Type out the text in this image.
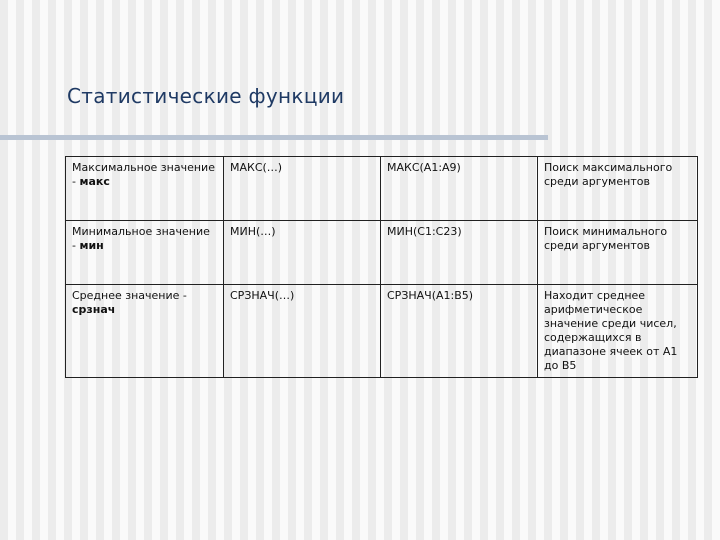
Статистические функции
Максимальное значение - макс	МАКС(…)	МАКС(A1:A9)	Поиск максимального среди аргументов
Минимальное значение - мин	МИН(…)	МИН(C1:C23)	Поиск минимального среди аргументов
Среднее значение - срзнач	СРЗНАЧ(…)	СРЗНАЧ(A1:B5)	Находит среднее арифметическое значение среди чисел, содержащихся в диапазоне ячеек от А1 до В5
